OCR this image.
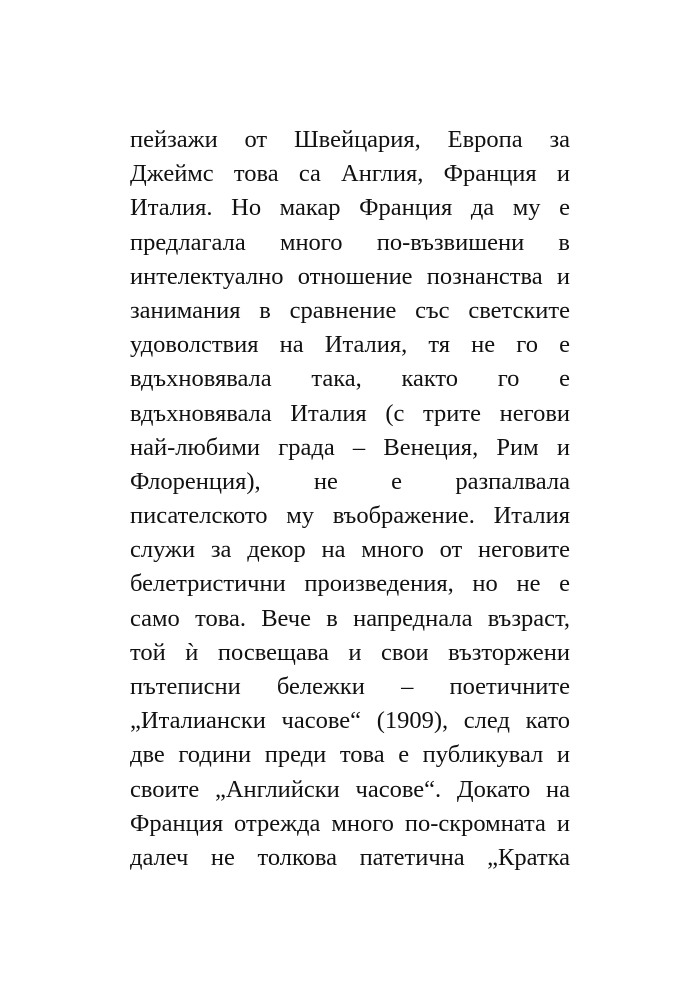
пейзажи от Швейцария, Европа за
Джеймс това са Англия, Франция и
Италия. Но макар Франция да му е
предлагала много по-възвишени в
интелектуално отношение познанства и
занимания в сравнение със светските
удоволствия на Италия, тя не го е
вдъхновявала така, както го е
вдъхновявала Италия (с трите негови
най-любими града – Венеция, Рим и
Флоренция), не е разпалвала
писателското му въображение. Италия
служи за декор на много от неговите
белетристични произведения, но не е
само това. Вече в напреднала възраст,
той ѝ посвещава и свои възторжени
пътеписни бележки – поетичните
„Италиански часове“ (1909), след като
две години преди това е публикувал и
своите „Английски часове“. Докато на
Франция отрежда много по-скромната и
далеч не толкова патетична „Кратка
